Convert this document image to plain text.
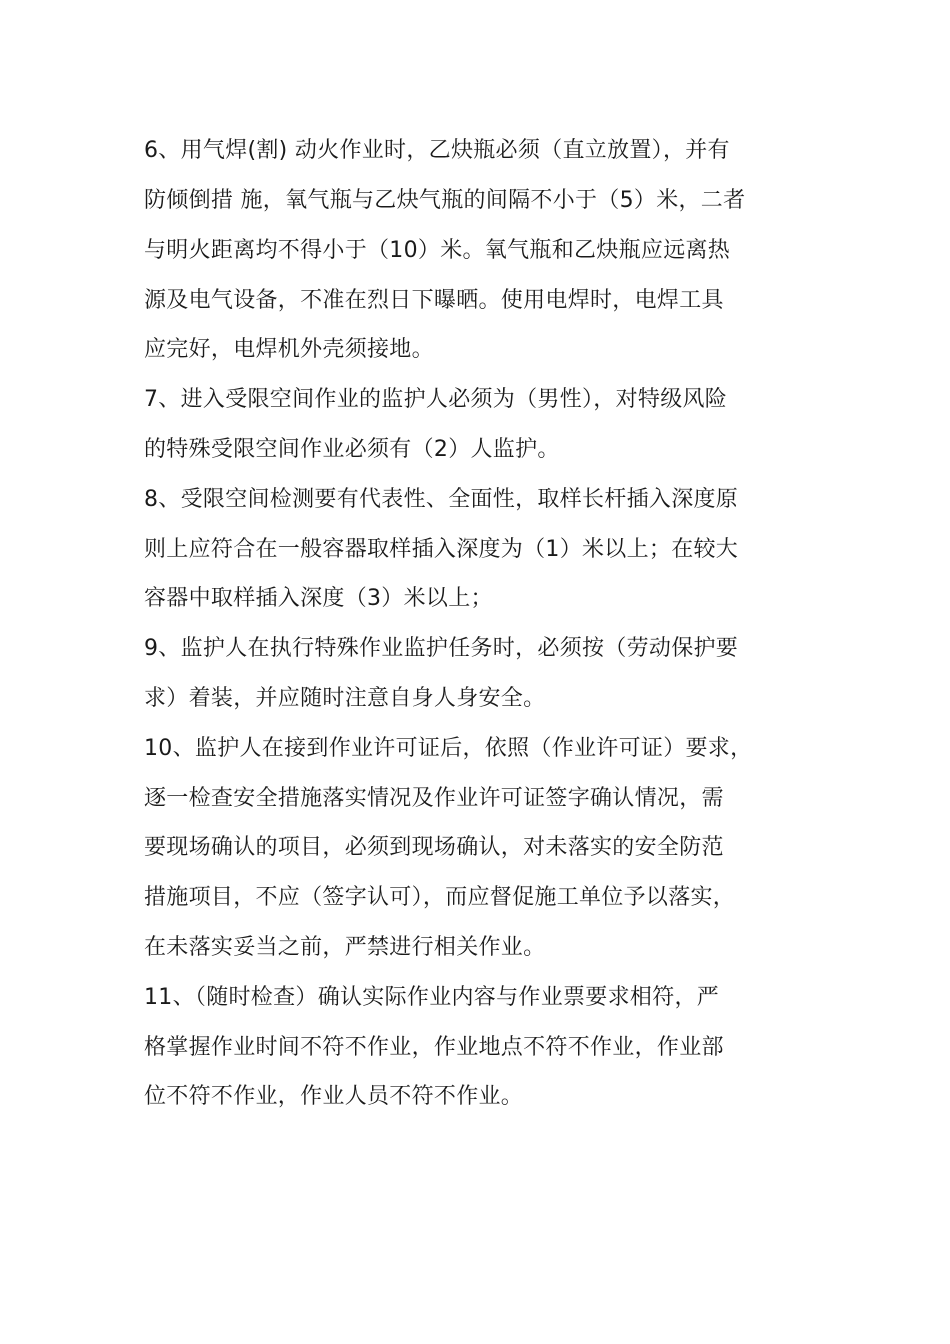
6、用气焊(割) 动火作业时，乙炔瓶必须（直立放置），并有
防倾倒措 施，氧气瓶与乙炔气瓶的间隔不小于（5）米，二者
与明火距离均不得小于（10）米。氧气瓶和乙炔瓶应远离热
源及电气设备，不准在烈日下曝晒。使用电焊时，电焊工具
应完好，电焊机外壳须接地。
7、进入受限空间作业的监护人必须为（男性），对特级风险
的特殊受限空间作业必须有（2）人监护。
8、受限空间检测要有代表性、全面性，取样长杆插入深度原
则上应符合在一般容器取样插入深度为（1）米以上；在较大
容器中取样插入深度（3）米以上；
9、监护人在执行特殊作业监护任务时，必须按（劳动保护要
求）着装，并应随时注意自身人身安全。
10、监护人在接到作业许可证后，依照（作业许可证）要求，
逐一检查安全措施落实情况及作业许可证签字确认情况，需
要现场确认的项目，必须到现场确认，对未落实的安全防范
措施项目，不应（签字认可），而应督促施工单位予以落实，
在未落实妥当之前，严禁进行相关作业。
11、（随时检查）确认实际作业内容与作业票要求相符，严
格掌握作业时间不符不作业，作业地点不符不作业，作业部
位不符不作业，作业人员不符不作业。
